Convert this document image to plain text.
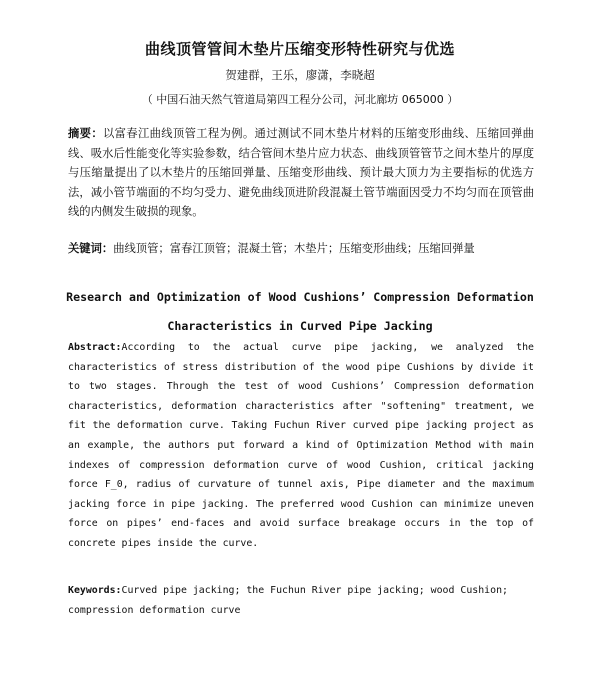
曲线顶管管间木垫片压缩变形特性研究与优选
贺建群，王乐，廖潇，李晓超
（ 中国石油天然气管道局第四工程分公司，河北廊坊 065000 ）
摘要：以富春江曲线顶管工程为例。通过测试不同木垫片材料的压缩变形曲线、压缩回弹曲线、吸水后性能变化等实验参数，结合管间木垫片应力状态、曲线顶管管节之间木垫片的厚度与压缩量提出了以木垫片的压缩回弹量、压缩变形曲线、预计最大顶力为主要指标的优选方法，减小管节端面的不均匀受力、避免曲线顶进阶段混凝土管节端面因受力不均匀而在顶管曲线的内侧发生破损的现象。
关键词：曲线顶管；富春江顶管；混凝土管；木垫片；压缩变形曲线；压缩回弹量
Research and Optimization of Wood Cushions’ Compression Deformation Characteristics in Curved Pipe Jacking
Abstract:According to the actual curve pipe jacking, we analyzed the characteristics of stress distribution of the wood pipe Cushions by divide it to two stages. Through the test of wood Cushions’ Compression deformation characteristics, deformation characteristics after "softening" treatment, we fit the deformation curve. Taking Fuchun River curved pipe jacking project as an example, the authors put forward a kind of Optimization Method with main indexes of compression deformation curve of wood Cushion, critical jacking force F_0, radius of curvature of tunnel axis, Pipe diameter and the maximum jacking force in pipe jacking. The preferred wood Cushion can minimize uneven force on pipes’ end-faces and avoid surface breakage occurs in the top of concrete pipes inside the curve.
Keywords:Curved pipe jacking; the Fuchun River pipe jacking; wood Cushion; compression deformation curve
